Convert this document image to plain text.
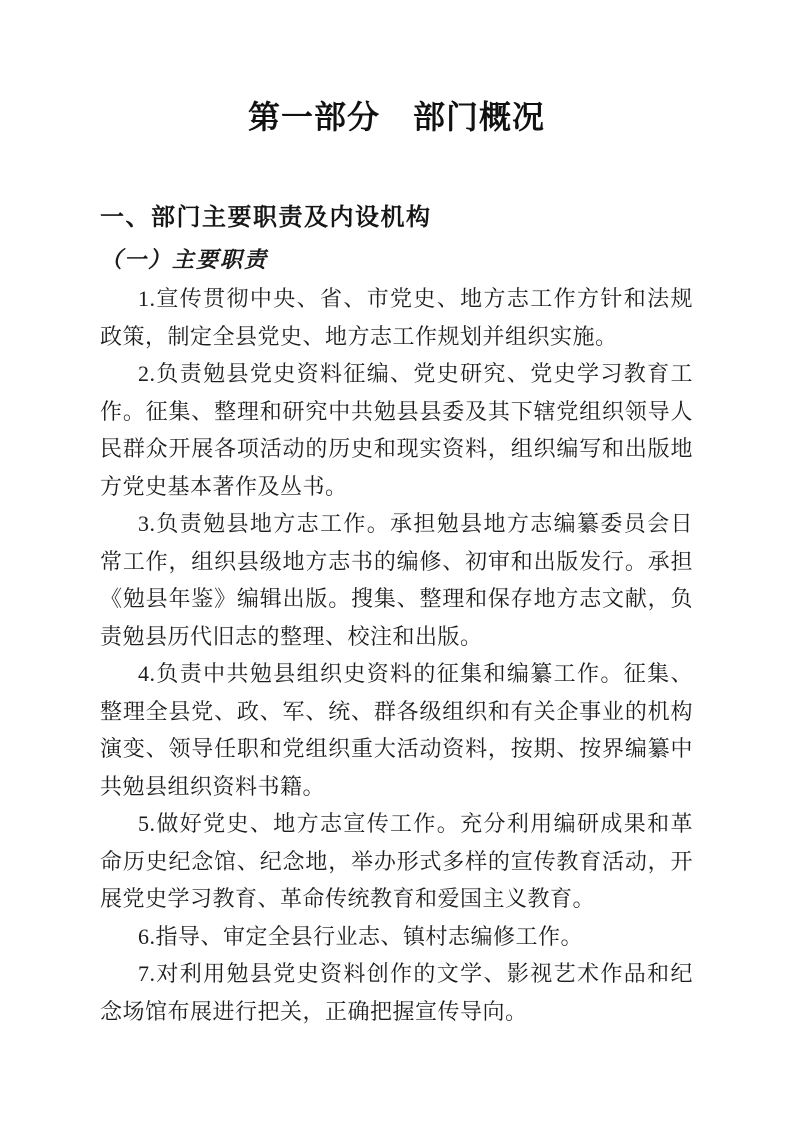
第一部分　部门概况
一、部门主要职责及内设机构
（一）主要职责

1.宣传贯彻中央、省、市党史、地方志工作方针和法规政策，制定全县党史、地方志工作规划并组织实施。

2.负责勉县党史资料征编、党史研究、党史学习教育工作。征集、整理和研究中共勉县县委及其下辖党组织领导人民群众开展各项活动的历史和现实资料，组织编写和出版地方党史基本著作及丛书。

3.负责勉县地方志工作。承担勉县地方志编纂委员会日常工作，组织县级地方志书的编修、初审和出版发行。承担《勉县年鉴》编辑出版。搜集、整理和保存地方志文献，负责勉县历代旧志的整理、校注和出版。

4.负责中共勉县组织史资料的征集和编纂工作。征集、整理全县党、政、军、统、群各级组织和有关企事业的机构演变、领导任职和党组织重大活动资料，按期、按界编纂中共勉县组织资料书籍。

5.做好党史、地方志宣传工作。充分利用编研成果和革命历史纪念馆、纪念地，举办形式多样的宣传教育活动，开展党史学习教育、革命传统教育和爱国主义教育。

6.指导、审定全县行业志、镇村志编修工作。

7.对利用勉县党史资料创作的文学、影视艺术作品和纪念场馆布展进行把关，正确把握宣传导向。
